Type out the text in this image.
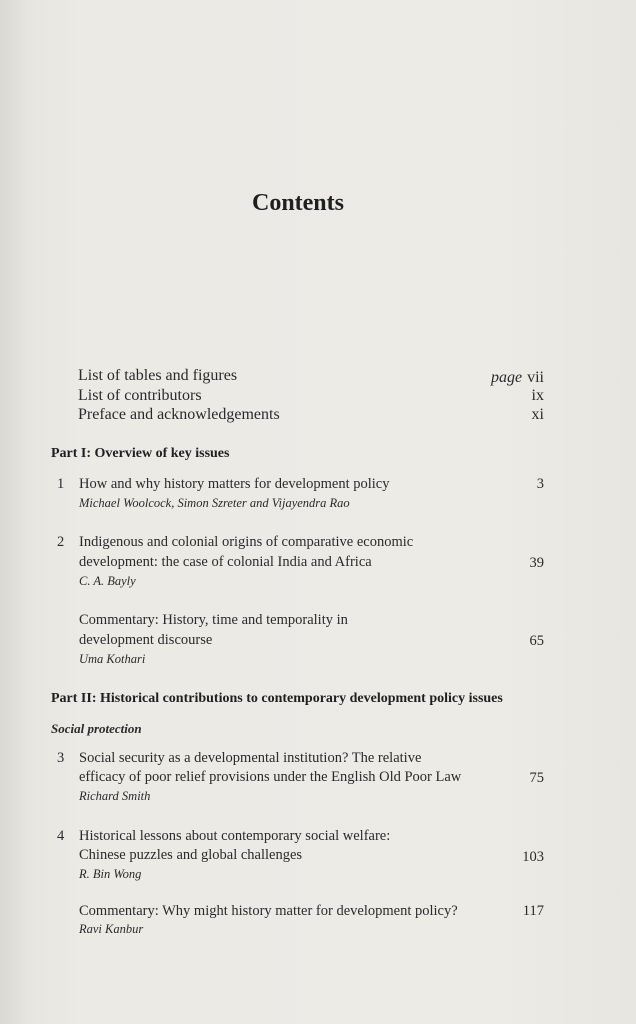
Contents
List of tables and figures	page vii
List of contributors	ix
Preface and acknowledgements	xi
Part I: Overview of key issues
1 How and why history matters for development policy	3
Michael Woolcock, Simon Szreter and Vijayendra Rao
2 Indigenous and colonial origins of comparative economic
development: the case of colonial India and Africa	39
C. A. Bayly
Commentary: History, time and temporality in
development discourse	65
Uma Kothari
Part II: Historical contributions to contemporary development policy issues
Social protection
3 Social security as a developmental institution? The relative
efficacy of poor relief provisions under the English Old Poor Law	75
Richard Smith
4 Historical lessons about contemporary social welfare:
Chinese puzzles and global challenges	103
R. Bin Wong
Commentary: Why might history matter for development policy?	117
Ravi Kanbur
